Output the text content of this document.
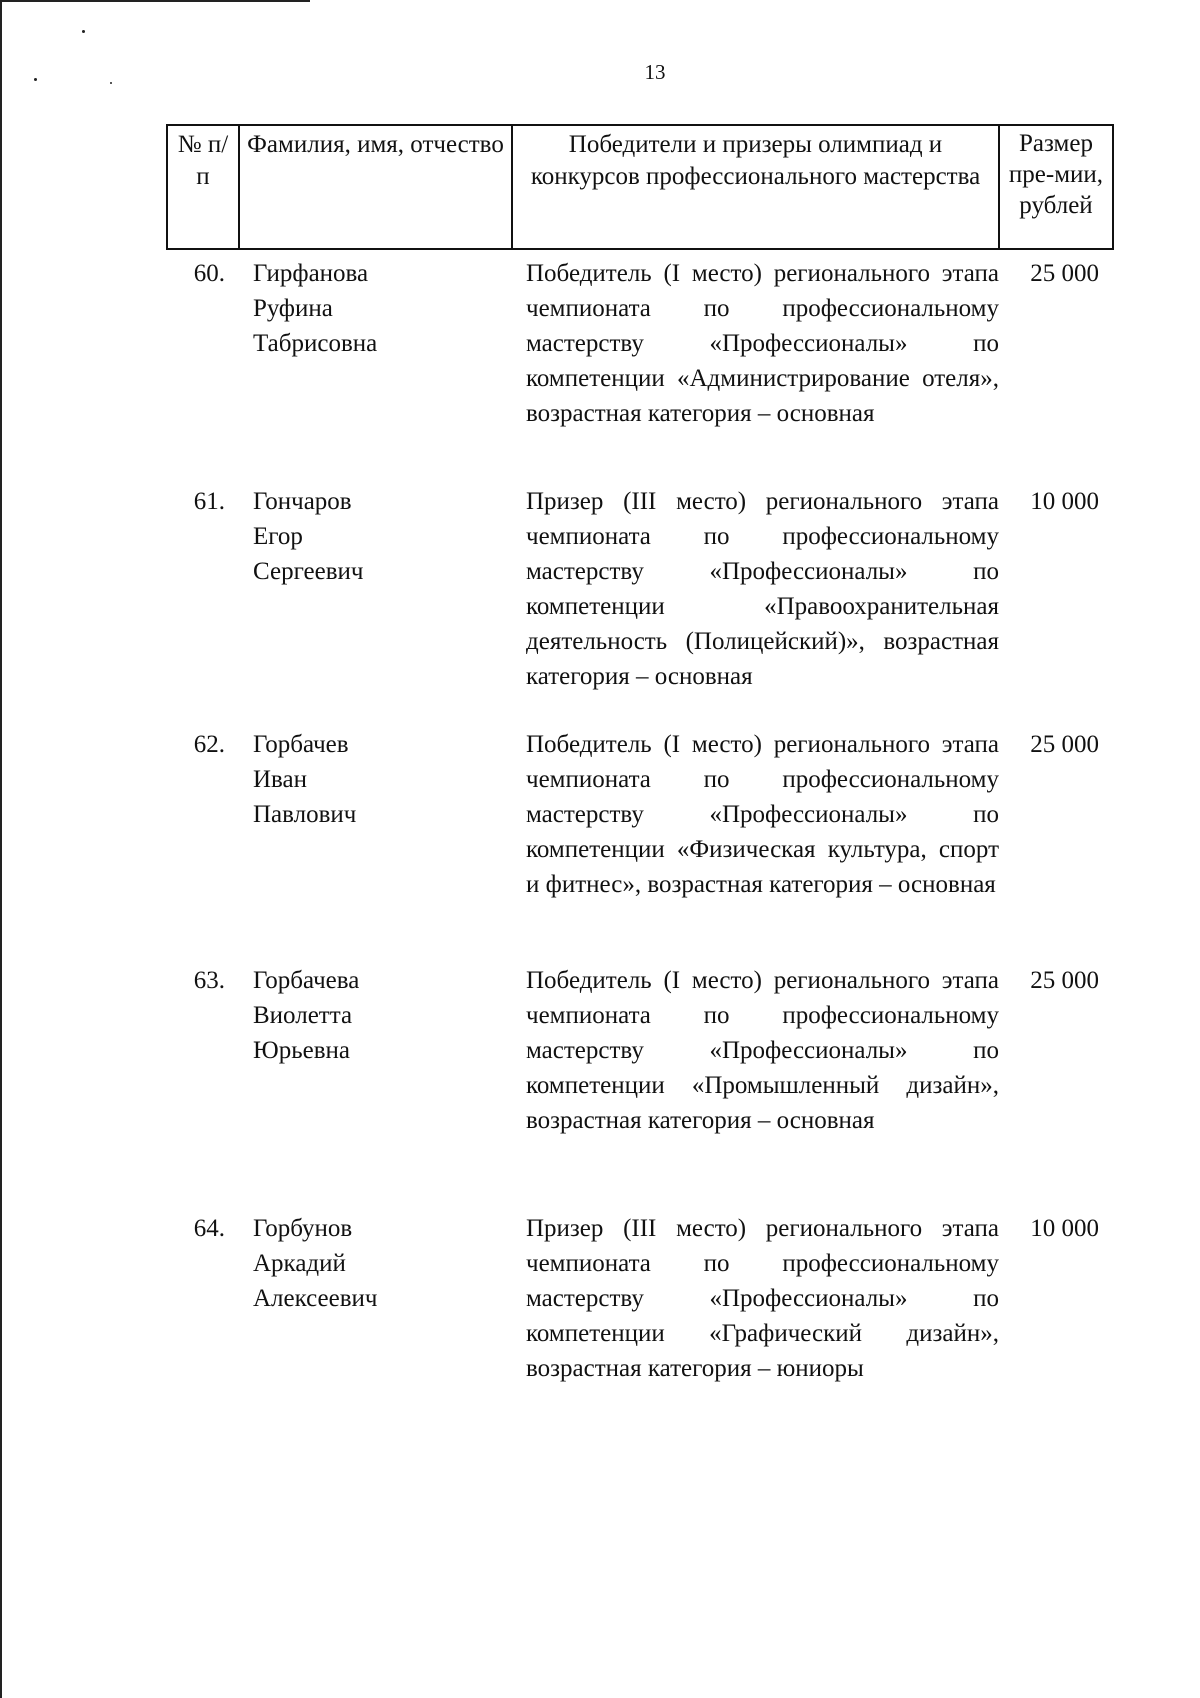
13
№ п/п	Фамилия, имя, отчество	Победители и призеры олимпиад и конкурсов профессионального мастерства	Размер пре-мии, рублей
60.	Гирфанова
Руфина
Табрисовна	Победитель (I место) регионального этапа чемпионата по профессиональному мастерству «Профессионалы» по компетенции «Администрирование отеля», возрастная категория – основная	25 000
61.	Гончаров
Егор
Сергеевич	Призер (III место) регионального этапа чемпионата по профессиональному мастерству «Профессионалы» по компетенции «Правоохранительная деятельность (Полицейский)», возрастная категория – основная	10 000
62.	Горбачев
Иван
Павлович	Победитель (I место) регионального этапа чемпионата по профессиональному мастерству «Профессионалы» по компетенции «Физическая культура, спорт и фитнес», возрастная категория – основная	25 000
63.	Горбачева
Виолетта
Юрьевна	Победитель (I место) регионального этапа чемпионата по профессиональному мастерству «Профессионалы» по компетенции «Промышленный дизайн», возрастная категория – основная	25 000
64.	Горбунов
Аркадий
Алексеевич	Призер (III место) регионального этапа чемпионата по профессиональному мастерству «Профессионалы» по компетенции «Графический дизайн», возрастная категория – юниоры	10 000
